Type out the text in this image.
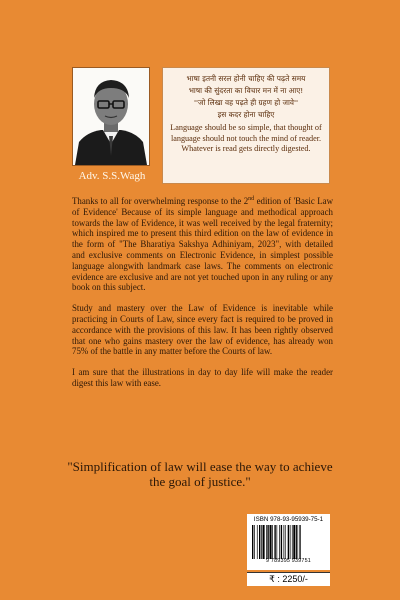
Adv. S.S.Wagh
भाषा इतनी सरल होनी चाहिए की पढ़ते समय
भाषा की सुंदरता का विचार मन में ना आए!
''जो लिखा वह पढ़ते ही ग्रहण हो जावे''
इस कदर होना चाहिए
Language should be so simple, that thought of language should not touch the mind of reader. Whatever is read gets directly digested.

Thanks to all for overwhelming response to the 2nd edition of 'Basic Law of Evidence' Because of its simple language and methodical approach towards the law of Evidence, it was well received by the legal fraternity; which inspired me to present this third edition on the law of evidence in the form of "The Bharatiya Sakshya Adhiniyam, 2023", with detailed and exclusive comments on Electronic Evidence, in simplest possible language alongwith landmark case laws. The comments on electronic evidence are exclusive and are not yet touched upon in any ruling or any book on this subject.

Study and mastery over the Law of Evidence is inevitable while practicing in Courts of Law, since every fact is required to be proved in accordance with the provisions of this law. It has been rightly observed that one who gains mastery over the law of evidence, has already won 75% of the battle in any matter before the Courts of law.

I am sure that the illustrations in day to day life will make the reader digest this law with ease.

"Simplification of law will ease the way to achieve the goal of justice."
ISBN 978-93-95939-75-1
9 789395 939751
₹ : 2250/-
